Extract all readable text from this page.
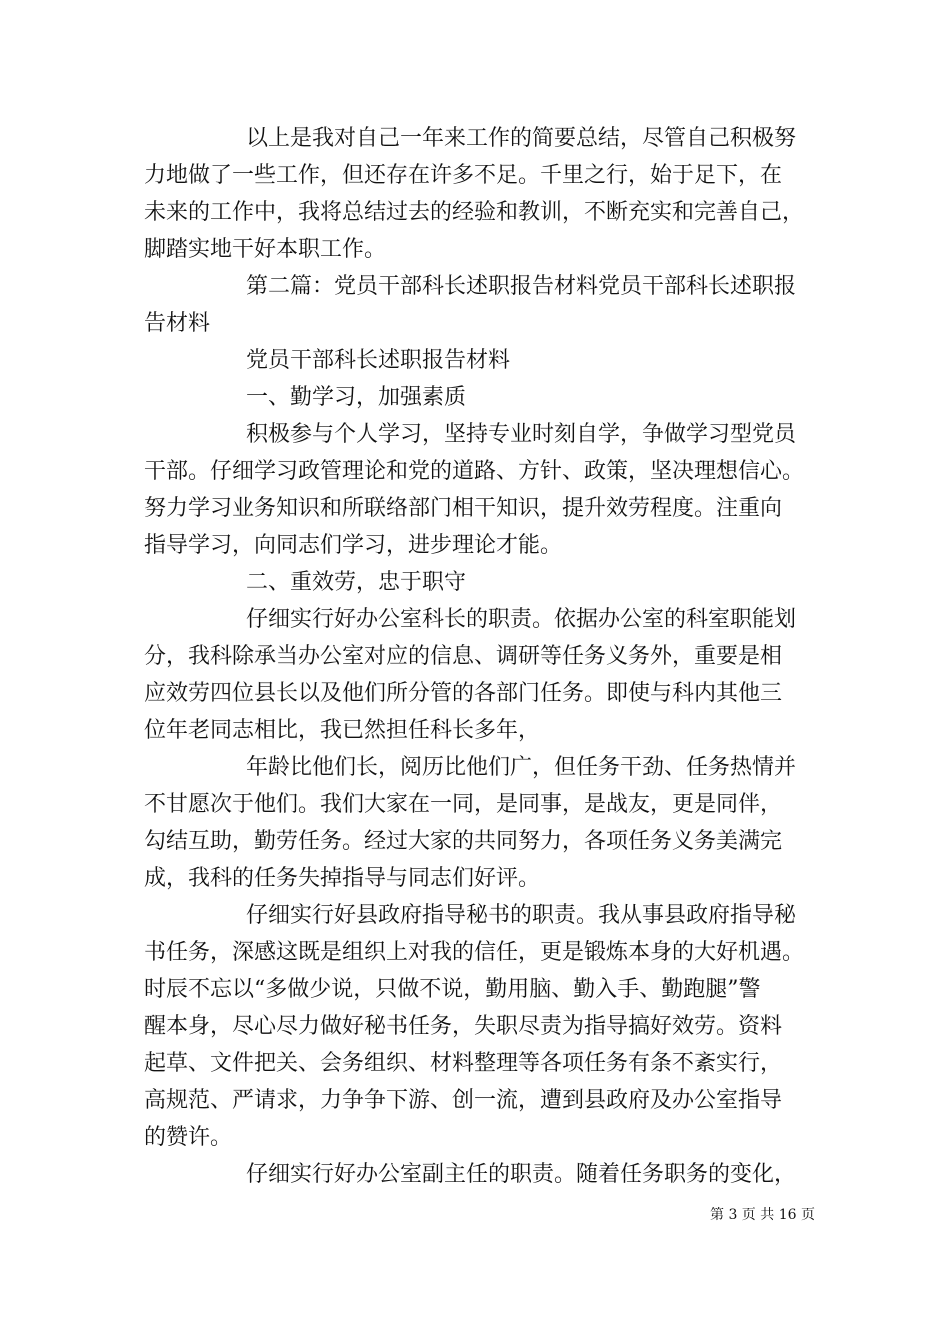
以上是我对自己一年来工作的简要总结，尽管自己积极努
力地做了一些工作，但还存在许多不足。千里之行，始于足下，在
未来的工作中，我将总结过去的经验和教训，不断充实和完善自己，
脚踏实地干好本职工作。
第二篇：党员干部科长述职报告材料党员干部科长述职报
告材料
党员干部科长述职报告材料
一、勤学习，加强素质
积极参与个人学习，坚持专业时刻自学，争做学习型党员
干部。仔细学习政管理论和党的道路、方针、政策，坚决理想信心。
努力学习业务知识和所联络部门相干知识，提升效劳程度。注重向
指导学习，向同志们学习，进步理论才能。
二、重效劳，忠于职守
仔细实行好办公室科长的职责。依据办公室的科室职能划
分，我科除承当办公室对应的信息、调研等任务义务外，重要是相
应效劳四位县长以及他们所分管的各部门任务。即使与科内其他三
位年老同志相比，我已然担任科长多年，
年龄比他们长，阅历比他们广，但任务干劲、任务热情并
不甘愿次于他们。我们大家在一同，是同事，是战友，更是同伴，
勾结互助，勤劳任务。经过大家的共同努力，各项任务义务美满完
成，我科的任务失掉指导与同志们好评。
仔细实行好县政府指导秘书的职责。我从事县政府指导秘
书任务，深感这既是组织上对我的信任，更是锻炼本身的大好机遇。
时辰不忘以“多做少说，只做不说，勤用脑、勤入手、勤跑腿”警
醒本身，尽心尽力做好秘书任务，失职尽责为指导搞好效劳。资料
起草、文件把关、会务组织、材料整理等各项任务有条不紊实行，
高规范、严请求，力争争下游、创一流，遭到县政府及办公室指导
的赞许。
仔细实行好办公室副主任的职责。随着任务职务的变化，
第 3 页 共 16 页
